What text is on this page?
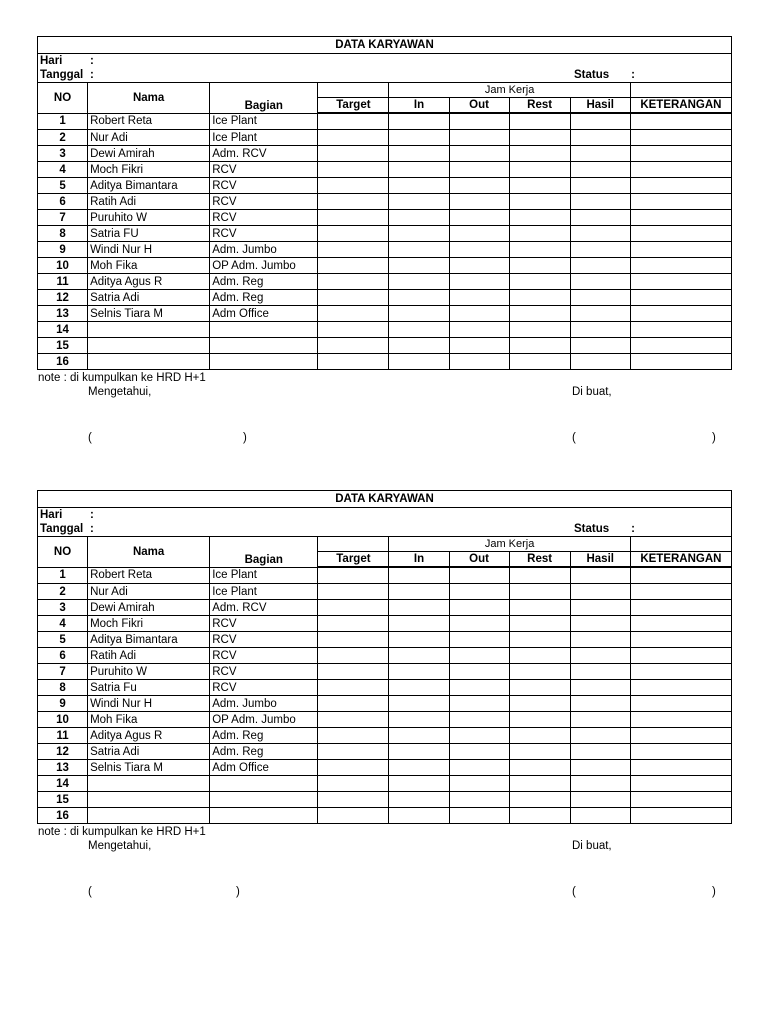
DATA KARYAWAN								
Hari :								
Tanggal : Status :								

NO	Nama	Bagian		Jam Kerja				
			Target	In	Out	Rest	Hasil	KETERANGAN
1	Robert Reta	Ice Plant						
2	Nur Adi	Ice Plant						
3	Dewi Amirah	Adm. RCV						
4	Moch Fikri	RCV						
5	Aditya Bimantara	RCV						
6	Ratih Adi	RCV						
7	Puruhito W	RCV						
8	Satria FU	RCV						
9	Windi Nur H	Adm. Jumbo						
10	Moh Fika	OP Adm. Jumbo						
11	Aditya Agus R	Adm. Reg						
12	Satria Adi	Adm. Reg						
13	Selnis Tiara M	Adm Office						
14								
15								
16								
note : di kumpulkan ke HRD H+1
Mengetahui,	Di buat,
(	)	(	)
DATA KARYAWAN								
Hari :								
Tanggal : Status :								

NO	Nama	Bagian		Jam Kerja				
			Target	In	Out	Rest	Hasil	KETERANGAN
1	Robert Reta	Ice Plant						
2	Nur Adi	Ice Plant						
3	Dewi Amirah	Adm. RCV						
4	Moch Fikri	RCV						
5	Aditya Bimantara	RCV						
6	Ratih Adi	RCV						
7	Puruhito W	RCV						
8	Satria Fu	RCV						
9	Windi Nur H	Adm. Jumbo						
10	Moh Fika	OP Adm. Jumbo						
11	Aditya Agus R	Adm. Reg						
12	Satria Adi	Adm. Reg						
13	Selnis Tiara M	Adm Office						
14								
15								
16								
note : di kumpulkan ke HRD H+1
Mengetahui,	Di buat,
(	)	(	)
